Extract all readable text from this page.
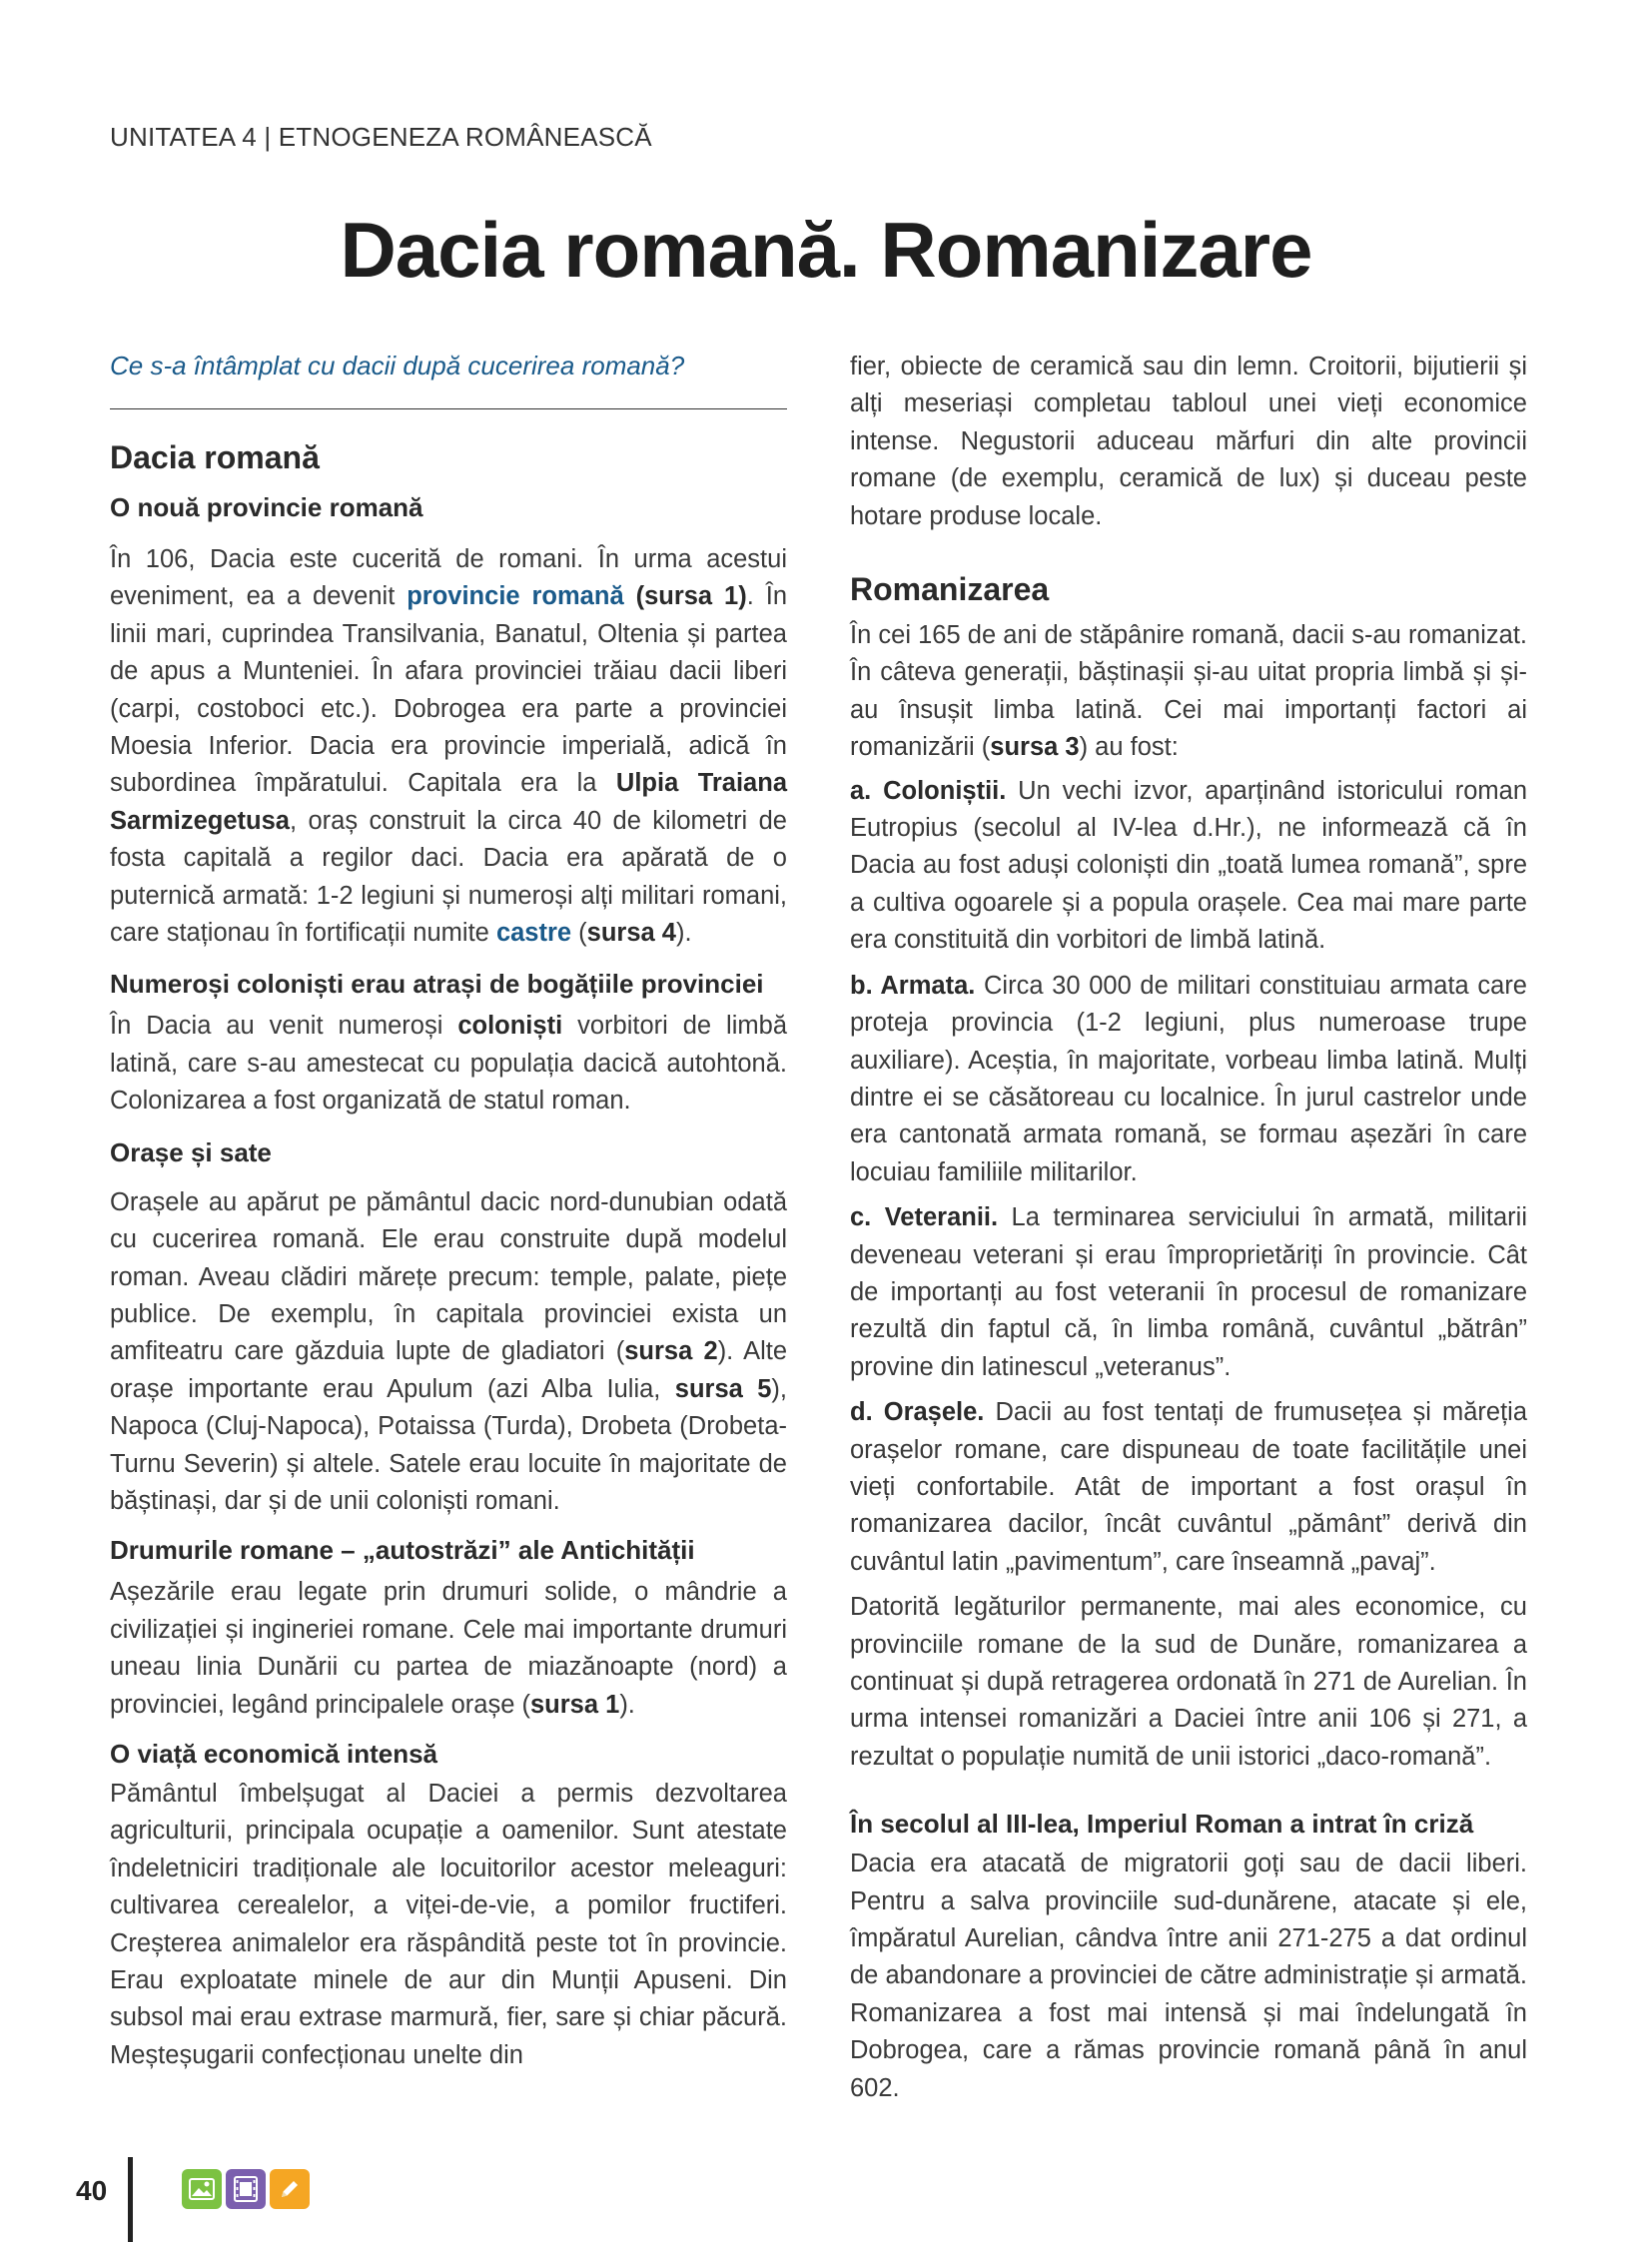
UNITATEA 4 | ETNOGENEZA ROMÂNEASCĂ
Dacia romană. Romanizare
Ce s-a întâmplat cu dacii după cucerirea romană?
Dacia romană
O nouă provincie romană

În 106, Dacia este cucerită de romani. În urma acestui eveniment, ea a devenit provincie romană (sursa 1). În linii mari, cuprindea Transilvania, Banatul, Oltenia și partea de apus a Munteniei. În afara provinciei trăiau dacii liberi (carpi, costoboci etc.). Dobrogea era parte a provinciei Moesia Inferior. Dacia era provincie imperială, adică în subordinea împăratului. Capitala era la Ulpia Traiana Sarmizegetusa, oraș construit la circa 40 de kilometri de fosta capitală a regilor daci. Dacia era apărată de o puternică armată: 1-2 legiuni și numeroși alți militari romani, care staționau în fortificații numite castre (sursa 4).

Numeroși coloniști erau atrași de bogățiile provinciei

În Dacia au venit numeroși coloniști vorbitori de limbă latină, care s-au amestecat cu populația dacică autohtonă. Colonizarea a fost organizată de statul roman.

Orașe și sate

Orașele au apărut pe pământul dacic nord-dunubian odată cu cucerirea romană. Ele erau construite după modelul roman. Aveau clădiri mărețe precum: temple, palate, piețe publice. De exemplu, în capitala provinciei exista un amfiteatru care găzduia lupte de gladiatori (sursa 2). Alte orașe importante erau Apulum (azi Alba Iulia, sursa 5), Napoca (Cluj-Napoca), Potaissa (Turda), Drobeta (Drobeta-Turnu Severin) și altele. Satele erau locuite în majoritate de băștinași, dar și de unii coloniști romani.

Drumurile romane – „autostrăzi” ale Antichității

Așezările erau legate prin drumuri solide, o mândrie a civilizației și ingineriei romane. Cele mai importante drumuri uneau linia Dunării cu partea de miazănoapte (nord) a provinciei, legând principalele orașe (sursa 1).

O viață economică intensă

Pământul îmbelșugat al Daciei a permis dezvoltarea agriculturii, principala ocupație a oamenilor. Sunt atestate îndeletniciri tradiționale ale locuitorilor acestor meleaguri: cultivarea cerealelor, a viței-de-vie, a pomilor fructiferi. Creșterea animalelor era răspândită peste tot în provincie. Erau exploatate minele de aur din Munții Apuseni. Din subsol mai erau extrase marmură, fier, sare și chiar păcură. Meșteșugarii confecționau unelte din

fier, obiecte de ceramică sau din lemn. Croitorii, bijutierii și alți meseriași completau tabloul unei vieți economice intense. Negustorii aduceau mărfuri din alte provincii romane (de exemplu, ceramică de lux) și duceau peste hotare produse locale.

Romanizarea

În cei 165 de ani de stăpânire romană, dacii s-au romanizat. În câteva generații, băștinașii și-au uitat propria limbă și și-au însușit limba latină. Cei mai importanți factori ai romanizării (sursa 3) au fost:

a. Coloniștii. Un vechi izvor, aparținând istoricului roman Eutropius (secolul al IV-lea d.Hr.), ne informează că în Dacia au fost aduși coloniști din „toată lumea romană”, spre a cultiva ogoarele și a popula orașele. Cea mai mare parte era constituită din vorbitori de limbă latină.

b. Armata. Circa 30 000 de militari constituiau armata care proteja provincia (1-2 legiuni, plus numeroase trupe auxiliare). Aceștia, în majoritate, vorbeau limba latină. Mulți dintre ei se căsătoreau cu localnice. În jurul castrelor unde era cantonată armata romană, se formau așezări în care locuiau familiile militarilor.

c. Veteranii. La terminarea serviciului în armată, militarii deveneau veterani și erau împroprietăriți în provincie. Cât de importanți au fost veteranii în procesul de romanizare rezultă din faptul că, în limba română, cuvântul „bătrân” provine din latinescul „veteranus”.

d. Orașele. Dacii au fost tentați de frumusețea și măreția orașelor romane, care dispuneau de toate facilitățile unei vieți confortabile. Atât de important a fost orașul în romanizarea dacilor, încât cuvântul „pământ” derivă din cuvântul latin „pavimentum”, care înseamnă „pavaj”.

Datorită legăturilor permanente, mai ales economice, cu provinciile romane de la sud de Dunăre, romanizarea a continuat și după retragerea ordonată în 271 de Aurelian. În urma intensei romanizări a Daciei între anii 106 și 271, a rezultat o populație numită de unii istorici „daco-romană”.

În secolul al III-lea, Imperiul Roman a intrat în criză

Dacia era atacată de migratorii goți sau de dacii liberi. Pentru a salva provinciile sud-dunărene, atacate și ele, împăratul Aurelian, cândva între anii 271-275 a dat ordinul de abandonare a provinciei de către administrație și armată. Romanizarea a fost mai intensă și mai îndelungată în Dobrogea, care a rămas provincie romană până în anul 602.

40
